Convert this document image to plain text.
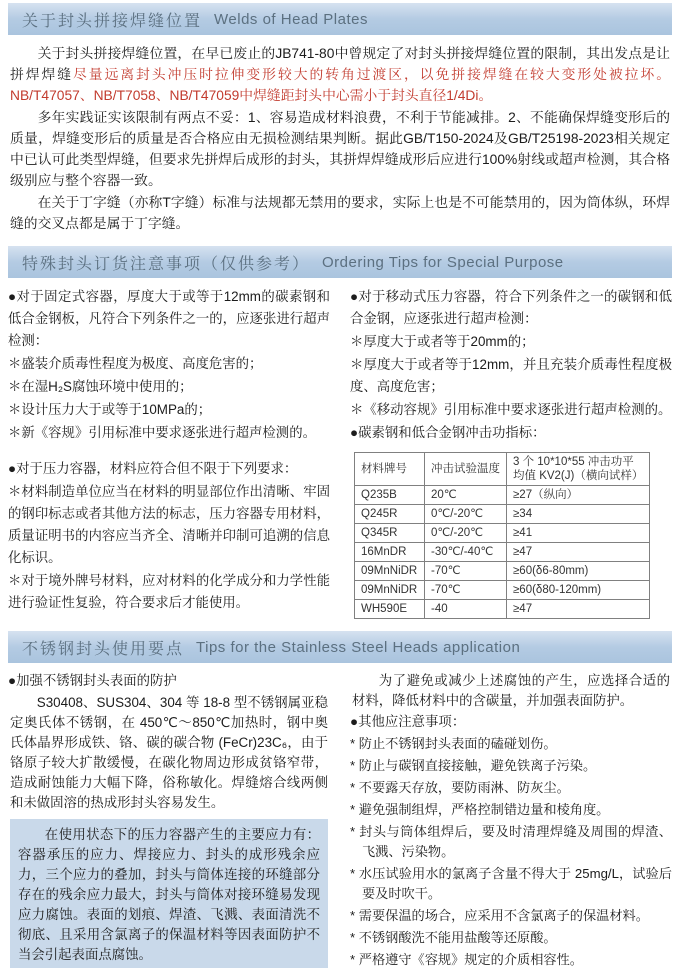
关于封头拼接焊缝位置 Welds of Head Plates
关于封头拼接焊缝位置，在早已废止的JB741-80中曾规定了对封头拼接焊缝位置的限制，其出发点是让拼焊焊缝尽量远离封头冲压时拉伸变形较大的转角过渡区，以免拼接焊缝在较大变形处被拉坏。NB/T47057、NB/T7058、NB/T47059中焊缝距封头中心需小于封头直径1/4Di。
多年实践证实该限制有两点不妥：1、容易造成材料浪费，不利于节能减排。2、不能确保焊缝变形后的质量，焊缝变形后的质量是否合格应由无损检测结果判断。据此GB/T150-2024及GB/T25198-2023相关规定中已认可此类型焊缝，但要求先拼焊后成形的封头，其拼焊焊缝成形后应进行100%射线或超声检测，其合格级别应与整个容器一致。
在关于丁字缝（亦称T字缝）标准与法规都无禁用的要求，实际上也是不可能禁用的，因为筒体纵，环焊缝的交叉点都是属于丁字缝。
特殊封头订货注意事项（仅供参考） Ordering Tips for Special Purpose
●对于固定式容器，厚度大于或等于12mm的碳素钢和低合金钢板，凡符合下列条件之一的，应逐张进行超声检测：
＊盛装介质毒性程度为极度、高度危害的；
＊在湿H₂S腐蚀环境中使用的；
＊设计压力大于或等于10MPa的；
＊新《容规》引用标准中要求逐张进行超声检测的。
●对于压力容器，材料应符合但不限于下列要求：
＊材料制造单位应当在材料的明显部位作出清晰、牢固的钢印标志或者其他方法的标志，压力容器专用材料，质量证明书的内容应当齐全、清晰并印制可追溯的信息化标识。
＊对于境外牌号材料，应对材料的化学成分和力学性能进行验证性复验，符合要求后才能使用。
●对于移动式压力容器，符合下列条件之一的碳钢和低合金钢，应逐张进行超声检测：
＊厚度大于或者等于20mm的；
＊厚度大于或者等于12mm，并且充装介质毒性程度极度、高度危害；
＊《移动容规》引用标准中要求逐张进行超声检测的。
●碳素钢和低合金钢冲击功指标：
材料牌号	冲击试验温度	3 个 10*10*55 冲击功平均值 KV2(J)（横向试样）
Q235B	20℃	≥27（纵向）
Q245R	0℃/-20℃	≥34
Q345R	0℃/-20℃	≥41
16MnDR	-30℃/-40℃	≥47
09MnNiDR	-70℃	≥60(δ6-80mm)
09MnNiDR	-70℃	≥60(δ80-120mm)
WH590E	-40	≥47
不锈钢封头使用要点 Tips for the Stainless Steel Heads application
●加强不锈钢封头表面的防护
S30408、SUS304、304 等 18-8 型不锈钢属亚稳定奥氏体不锈钢，在 450℃～850℃加热时，钢中奥氏体晶界形成铁、铬、碳的碳合物 (FeCr)23C₆，由于铬原子较大扩散缓慢，在碳化物周边形成贫铬窄带，造成耐蚀能力大幅下降，俗称敏化。焊缝熔合线两侧和未做固溶的热成形封头容易发生。
在使用状态下的压力容器产生的主要应力有：容器承压的应力、焊接应力、封头的成形残余应力，三个应力的叠加，封头与筒体连接的环缝部分存在的残余应力最大，封头与筒体对接环缝易发现应力腐蚀。表面的划痕、焊渣、飞溅、表面清洗不彻底、且采用含氯离子的保温材料等因表面防护不当会引起表面点腐蚀。
为了避免或减少上述腐蚀的产生，应选择合适的材料，降低材料中的含碳量，并加强表面防护。
●其他应注意事项：
* 防止不锈钢封头表面的磕碰划伤。
* 防止与碳钢直接接触，避免铁离子污染。
* 不要露天存放，要防雨淋、防灰尘。
* 避免强制组焊，严格控制错边量和棱角度。
* 封头与筒体组焊后，要及时清理焊缝及周围的焊渣、飞溅、污染物。
* 水压试验用水的氯离子含量不得大于 25mg/L，试验后要及时吹干。
* 需要保温的场合，应采用不含氯离子的保温材料。
* 不锈钢酸洗不能用盐酸等还原酸。
* 严格遵守《容规》规定的介质相容性。
